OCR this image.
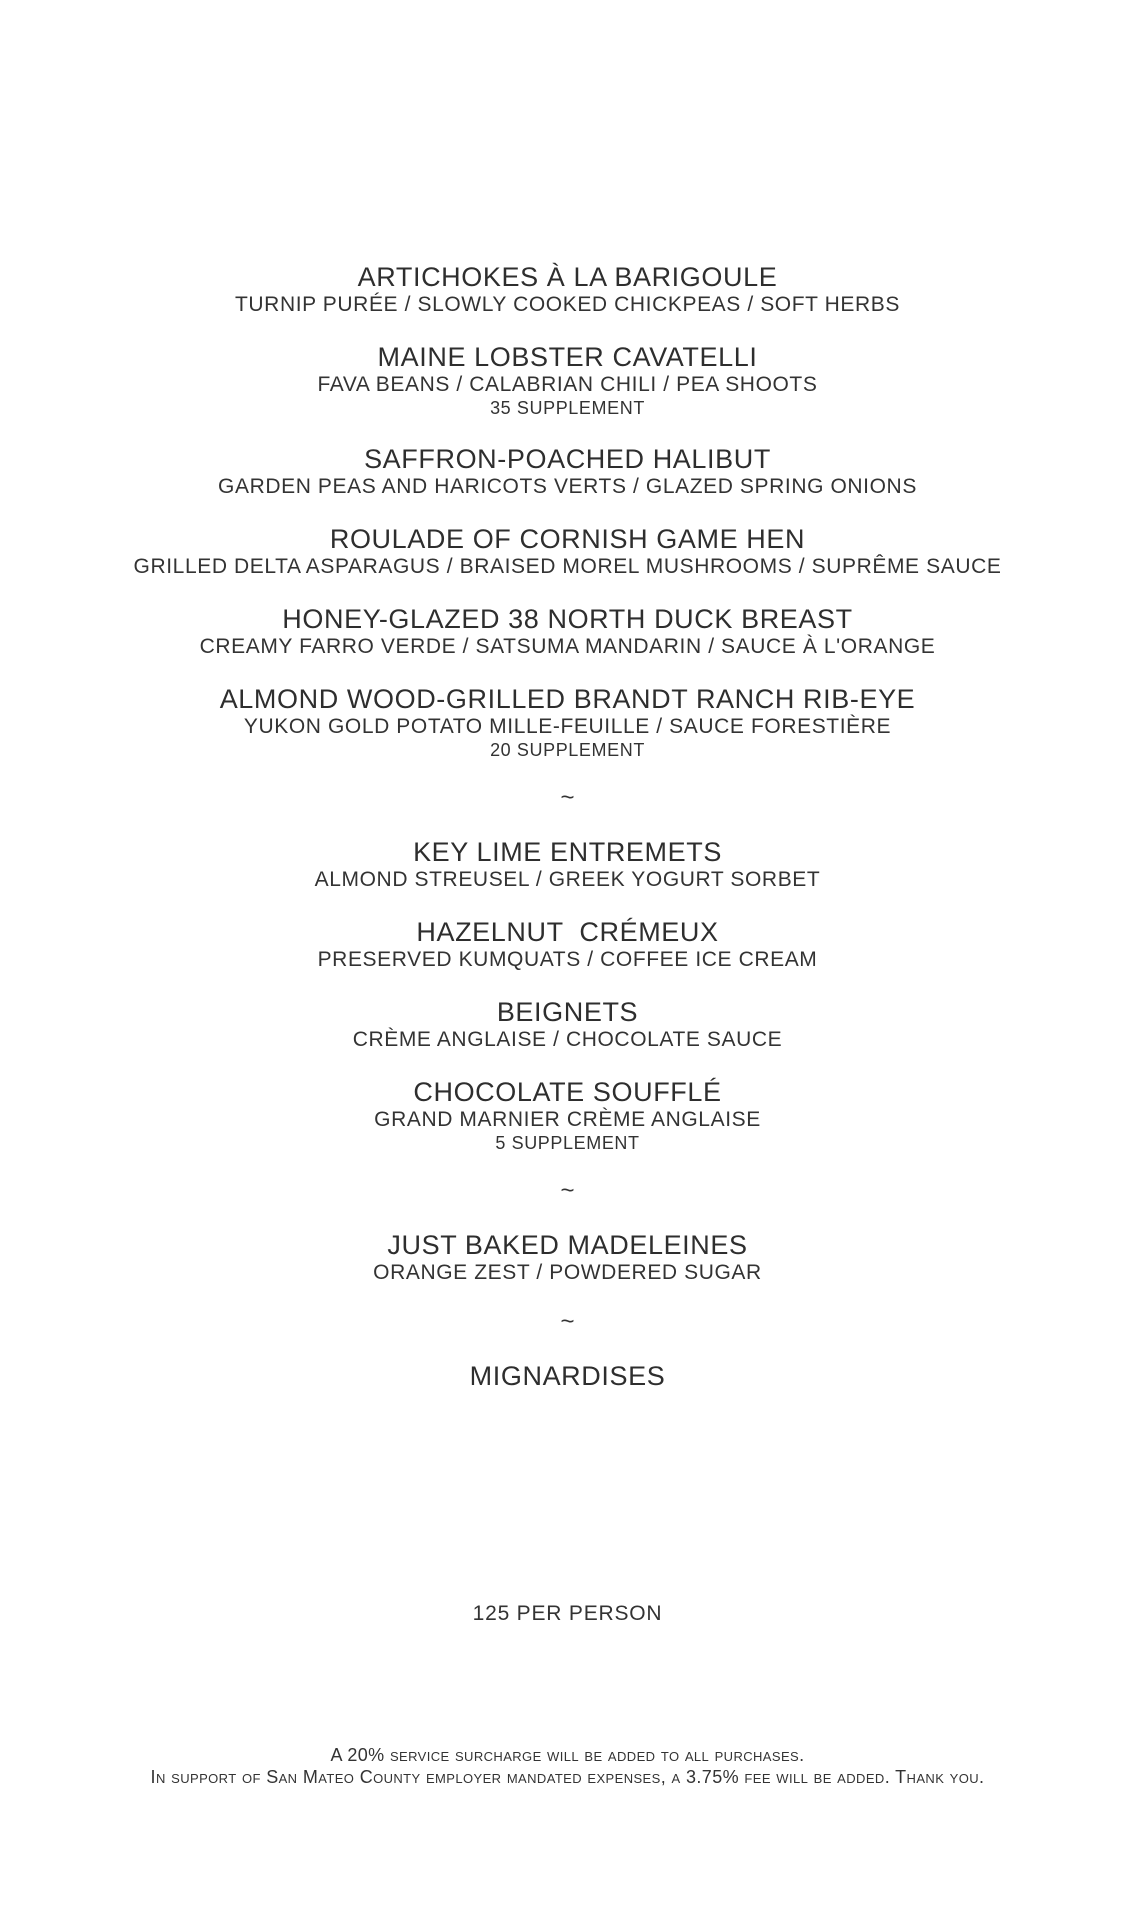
ARTICHOKES À LA BARIGOULE
TURNIP PURÉE / SLOWLY COOKED CHICKPEAS / SOFT HERBS
MAINE LOBSTER CAVATELLI
FAVA BEANS / CALABRIAN CHILI / PEA SHOOTS
35 SUPPLEMENT
SAFFRON-POACHED HALIBUT
GARDEN PEAS AND HARICOTS VERTS / GLAZED SPRING ONIONS
ROULADE OF CORNISH GAME HEN
GRILLED DELTA ASPARAGUS / BRAISED MOREL MUSHROOMS / SUPRÊME SAUCE
HONEY-GLAZED 38 NORTH DUCK BREAST
CREAMY FARRO VERDE / SATSUMA MANDARIN / SAUCE À L'ORANGE
ALMOND WOOD-GRILLED BRANDT RANCH RIB-EYE
YUKON GOLD POTATO MILLE-FEUILLE / SAUCE FORESTIÈRE
20 SUPPLEMENT
~
KEY LIME ENTREMETS
ALMOND STREUSEL / GREEK YOGURT SORBET
HAZELNUT  CRÉMEUX
PRESERVED KUMQUATS / COFFEE ICE CREAM
BEIGNETS
CRÈME ANGLAISE / CHOCOLATE SAUCE
CHOCOLATE SOUFFLÉ
GRAND MARNIER CRÈME ANGLAISE
5 SUPPLEMENT
~
JUST BAKED MADELEINES
ORANGE ZEST / POWDERED SUGAR
~
MIGNARDISES
125 PER PERSON
A 20% service surcharge will be added to all purchases.
In support of San Mateo County employer mandated expenses, a 3.75% fee will be added. Thank you.
